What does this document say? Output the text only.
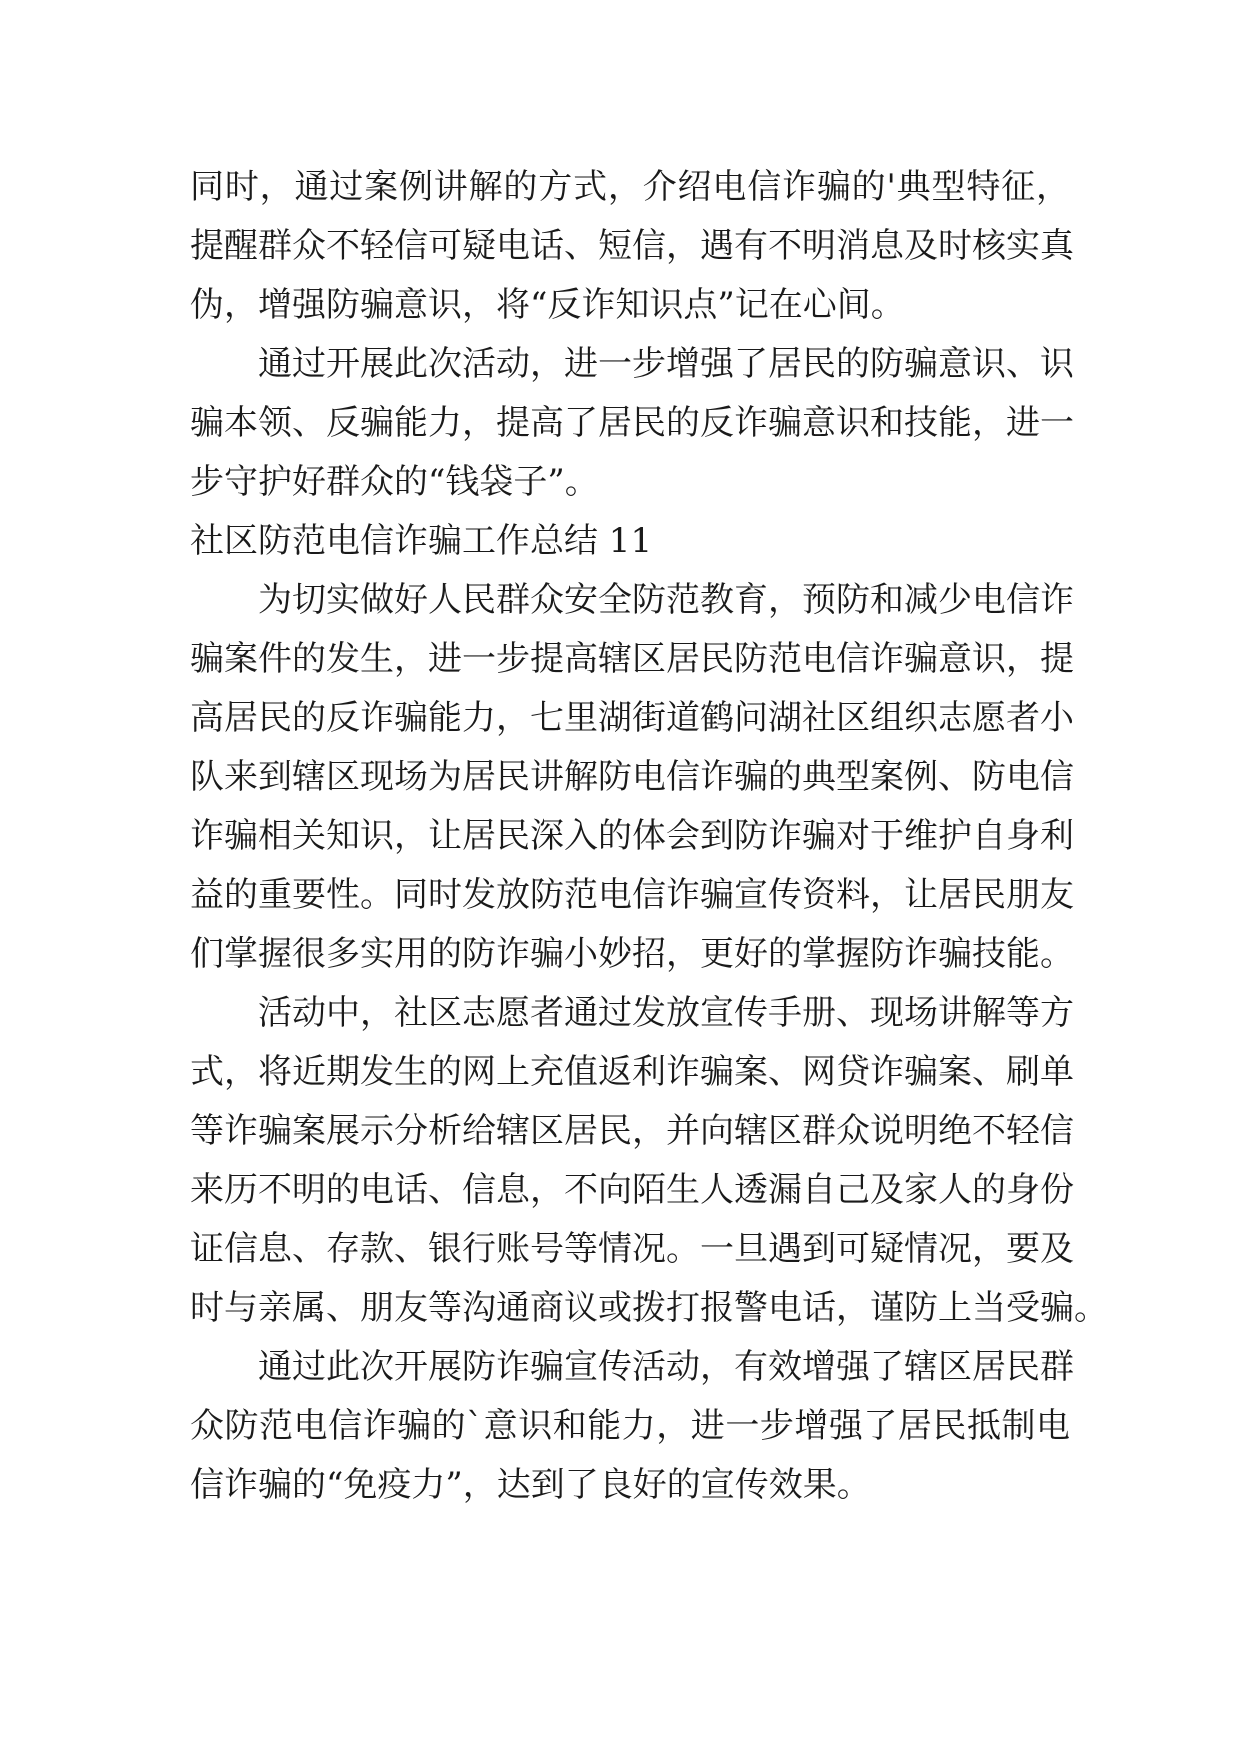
同时，通过案例讲解的方式，介绍电信诈骗的'典型特征，
提醒群众不轻信可疑电话、短信，遇有不明消息及时核实真
伪，增强防骗意识，将“反诈知识点”记在心间。
通过开展此次活动，进一步增强了居民的防骗意识、识
骗本领、反骗能力，提高了居民的反诈骗意识和技能，进一
步守护好群众的“钱袋子”。
社区防范电信诈骗工作总结 11
为切实做好人民群众安全防范教育，预防和减少电信诈
骗案件的发生，进一步提高辖区居民防范电信诈骗意识，提
高居民的反诈骗能力，七里湖街道鹤问湖社区组织志愿者小
队来到辖区现场为居民讲解防电信诈骗的典型案例、防电信
诈骗相关知识，让居民深入的体会到防诈骗对于维护自身利
益的重要性。同时发放防范电信诈骗宣传资料，让居民朋友
们掌握很多实用的防诈骗小妙招，更好的掌握防诈骗技能。
活动中，社区志愿者通过发放宣传手册、现场讲解等方
式，将近期发生的网上充值返利诈骗案、网贷诈骗案、刷单
等诈骗案展示分析给辖区居民，并向辖区群众说明绝不轻信
来历不明的电话、信息，不向陌生人透漏自己及家人的身份
证信息、存款、银行账号等情况。一旦遇到可疑情况，要及
时与亲属、朋友等沟通商议或拨打报警电话，谨防上当受骗。
通过此次开展防诈骗宣传活动，有效增强了辖区居民群
众防范电信诈骗的`意识和能力，进一步增强了居民抵制电
信诈骗的“免疫力”，达到了良好的宣传效果。
